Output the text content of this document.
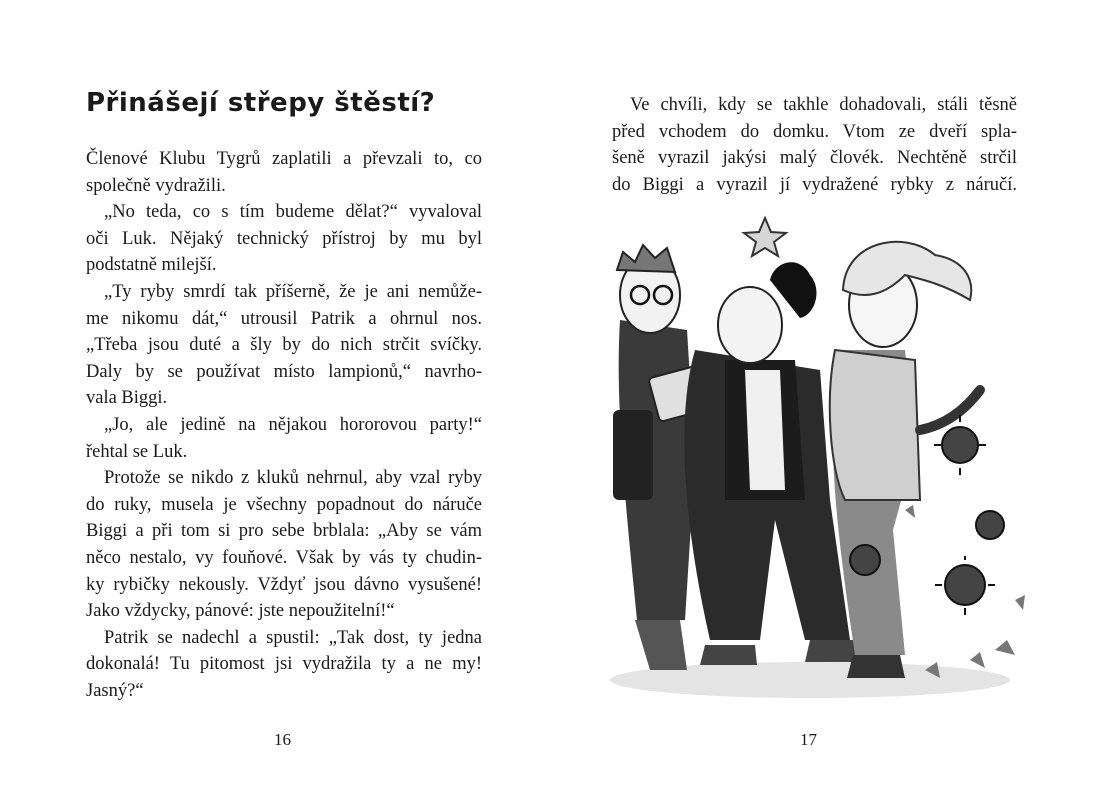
Přinášejí střepy štěstí?
Členové Klubu Tygrů zaplatili a převzali to, co
společně vydražili.
„No teda, co s tím budeme dělat?“ vyvaloval
oči Luk. Nějaký technický přístroj by mu byl
podstatně milejší.
„Ty ryby smrdí tak příšerně, že je ani nemůže-
me nikomu dát,“ utrousil Patrik a ohrnul nos.
„Třeba jsou duté a šly by do nich strčit svíčky.
Daly by se používat místo lampionů,“ navrho-
vala Biggi.
„Jo, ale jedině na nějakou hororovou party!“
řehtal se Luk.
Protože se nikdo z kluků nehrnul, aby vzal ryby
do ruky, musela je všechny popadnout do náruče
Biggi a při tom si pro sebe brblala: „Aby se vám
něco nestalo, vy fouňové. Však by vás ty chudin-
ky rybičky nekously. Vždyť jsou dávno vysušené!
Jako vždycky, pánové: jste nepoužitelní!“
Patrik se nadechl a spustil: „Tak dost, ty jedna
dokonalá! Tu pitomost jsi vydražila ty a ne my!
Jasný?“
16
Ve chvíli, kdy se takhle dohadovali, stáli těsně
před vchodem do domku. Vtom ze dveří spla-
šeně vyrazil jakýsi malý človék. Nechtěně strčil
do Biggi a vyrazil jí vydražené rybky z náručí.
17
